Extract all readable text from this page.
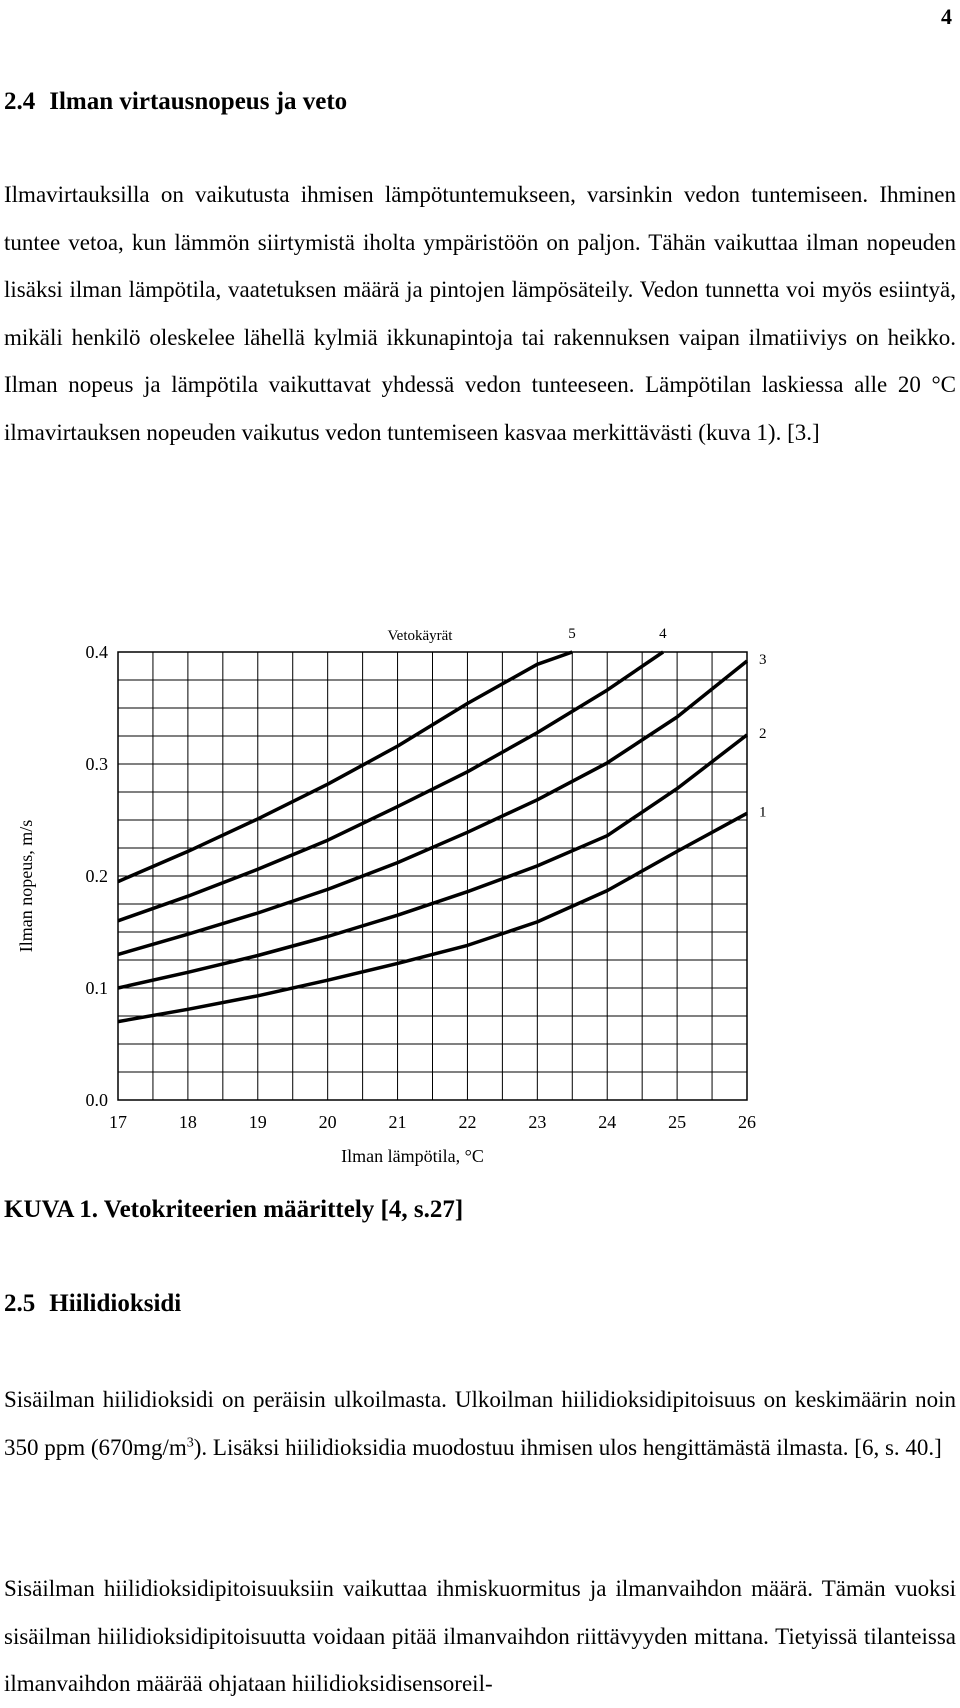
4
2.4 Ilman virtausnopeus ja veto

Ilmavirtauksilla on vaikutusta ihmisen lämpötuntemukseen, varsinkin vedon tuntemiseen. Ihminen tuntee vetoa, kun lämmön siirtymistä iholta ympäristöön on paljon. Tähän vaikuttaa ilman nopeuden lisäksi ilman lämpötila, vaatetuksen määrä ja pintojen lämpösäteily. Vedon tunnetta voi myös esiintyä, mikäli henkilö oleskelee lähellä kylmiä ikkunapintoja tai rakennuksen vaipan ilmatiiviys on heikko. Ilman nopeus ja lämpötila vaikuttavat yhdessä vedon tunteeseen. Lämpötilan laskiessa alle 20 °C ilmavirtauksen nopeuden vaikutus vedon tuntemiseen kasvaa merkittävästi (kuva 1). [3.]

17	18	19	20	21	22	23	24	25	26
0.0
0.1
0.2
0.3
0.4
1
2
3
4
5
Vetokäyrät
Ilman lämpötila, °C
Ilman nopeus, m/s

KUVA 1. Vetokriteerien määrittely [4, s.27]

2.5 Hiilidioksidi

Sisäilman hiilidioksidi on peräisin ulkoilmasta. Ulkoilman hiilidioksidipitoisuus on keskimäärin noin 350 ppm $(670mg/m^3)$. Lisäksi hiilidioksidia muodostuu ihmisen ulos hengittämästä ilmasta. [6, s. 40.]

Sisäilman hiilidioksidipitoisuuksiin vaikuttaa ihmiskuormitus ja ilmanvaihdon määrä. Tämän vuoksi sisäilman hiilidioksidipitoisuutta voidaan pitää ilmanvaihdon riittävyyden mittana. Tietyissä tilanteissa ilmanvaihdon määrää ohjataan hiilidioksidisensoreil-
